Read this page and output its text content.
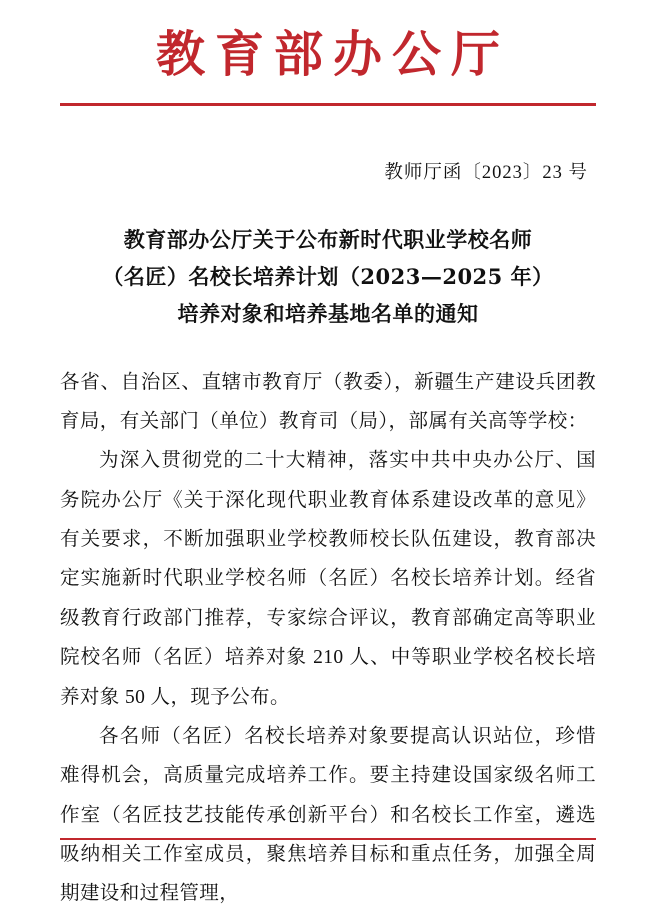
教育部办公厅
教师厅函〔2023〕23 号
教育部办公厅关于公布新时代职业学校名师
（名匠）名校长培养计划（2023—2025 年）
培养对象和培养基地名单的通知

各省、自治区、直辖市教育厅（教委），新疆生产建设兵团教育局，有关部门（单位）教育司（局），部属有关高等学校：

为深入贯彻党的二十大精神，落实中共中央办公厅、国务院办公厅《关于深化现代职业教育体系建设改革的意见》有关要求，不断加强职业学校教师校长队伍建设，教育部决定实施新时代职业学校名师（名匠）名校长培养计划。经省级教育行政部门推荐，专家综合评议，教育部确定高等职业院校名师（名匠）培养对象 210 人、中等职业学校名校长培养对象 50 人，现予公布。

各名师（名匠）名校长培养对象要提高认识站位，珍惜难得机会，高质量完成培养工作。要主持建设国家级名师工作室（名匠技艺技能传承创新平台）和名校长工作室，遴选吸纳相关工作室成员，聚焦培养目标和重点任务，加强全周期建设和过程管理，
